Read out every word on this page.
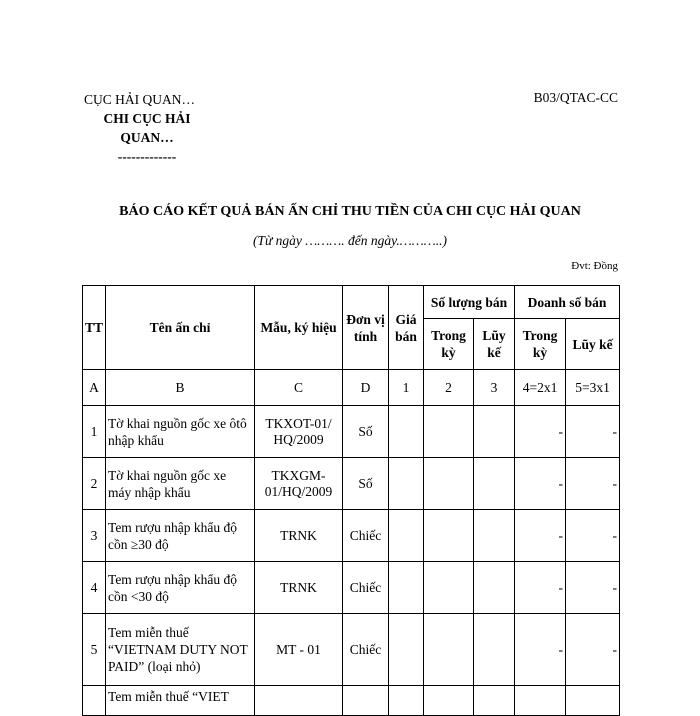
CỤC HẢI QUAN…
CHI CỤC HẢI
QUAN…
-------------
B03/QTAC-CC
BÁO CÁO KẾT QUẢ BÁN ẤN CHỈ THU TIỀN CỦA CHI CỤC HẢI QUAN
(Từ ngày ………. đến ngày.………..)
Đvt: Đồng
TT	Tên ấn chỉ	Mẫu, ký hiệu	Đơn vị tính	Giá bán	Số lượng bán		Doanh số bán	
					Trong kỳ	Lũy kế	Trong kỳ	Lũy kế
A	B	C	D	1	2	3	4=2x1	5=3x1
1	Tờ khai nguồn gốc xe ôtô nhập khẩu	TKXOT-01/ HQ/2009	Số				-	-
2	Tờ khai nguồn gốc xe máy nhập khẩu	TKXGM-01/HQ/2009	Số				-	-
3	Tem rượu nhập khẩu độ cồn ≥30 độ	TRNK	Chiếc				-	-
4	Tem rượu nhập khẩu độ cồn <30 độ	TRNK	Chiếc				-	-
5	Tem miễn thuế “VIETNAM DUTY NOT PAID” (loại nhỏ)	MT - 01	Chiếc				-	-
	Tem miễn thuế “VIET							
